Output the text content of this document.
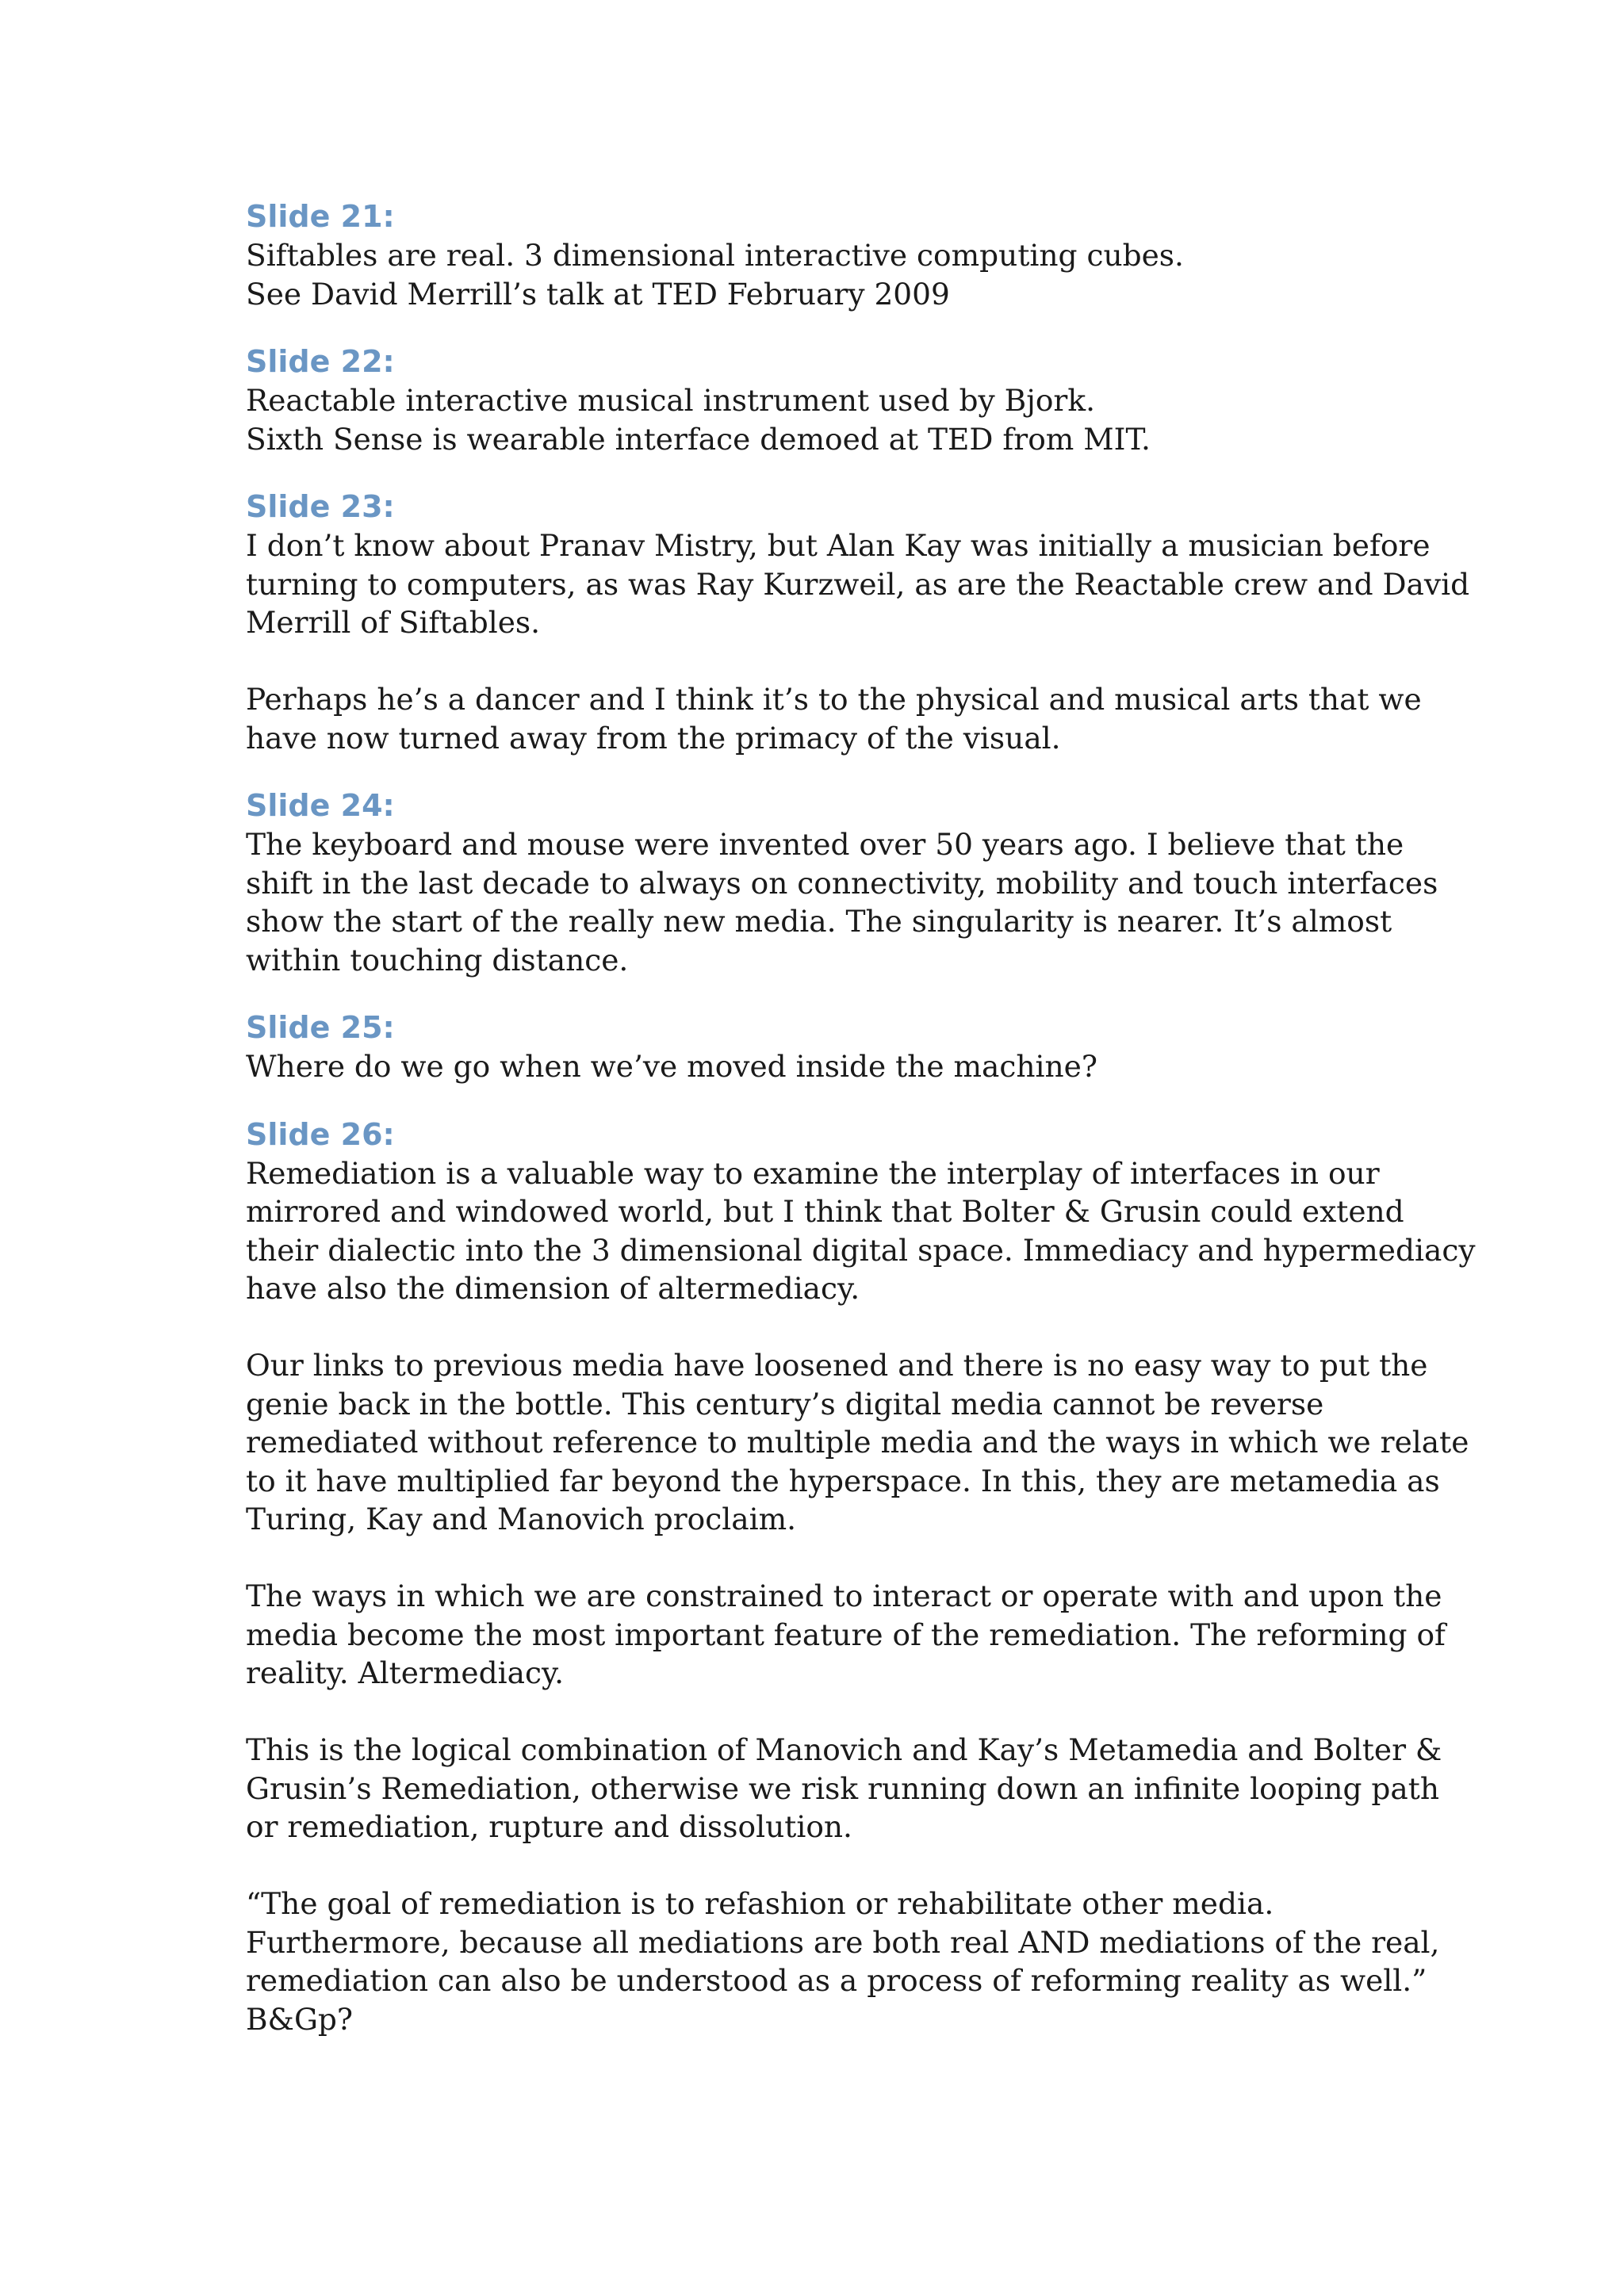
Slide 21:
Siftables are real. 3 dimensional interactive computing cubes.
See David Merrill’s talk at TED February 2009
Slide 22:
Reactable interactive musical instrument used by Bjork.
Sixth Sense is wearable interface demoed at TED from MIT.
Slide 23:
I don’t know about Pranav Mistry, but Alan Kay was initially a musician before
turning to computers, as was Ray Kurzweil, as are the Reactable crew and David
Merrill of Siftables.
Perhaps he’s a dancer and I think it’s to the physical and musical arts that we
have now turned away from the primacy of the visual.
Slide 24:
The keyboard and mouse were invented over 50 years ago. I believe that the
shift in the last decade to always on connectivity, mobility and touch interfaces
show the start of the really new media. The singularity is nearer. It’s almost
within touching distance.
Slide 25:
Where do we go when we’ve moved inside the machine?
Slide 26:
Remediation is a valuable way to examine the interplay of interfaces in our
mirrored and windowed world, but I think that Bolter & Grusin could extend
their dialectic into the 3 dimensional digital space. Immediacy and hypermediacy
have also the dimension of altermediacy.
Our links to previous media have loosened and there is no easy way to put the
genie back in the bottle. This century’s digital media cannot be reverse
remediated without reference to multiple media and the ways in which we relate
to it have multiplied far beyond the hyperspace. In this, they are metamedia as
Turing, Kay and Manovich proclaim.
The ways in which we are constrained to interact or operate with and upon the
media become the most important feature of the remediation. The reforming of
reality. Altermediacy.
This is the logical combination of Manovich and Kay’s Metamedia and Bolter &
Grusin’s Remediation, otherwise we risk running down an infinite looping path
or remediation, rupture and dissolution.
“The goal of remediation is to refashion or rehabilitate other media.
Furthermore, because all mediations are both real AND mediations of the real,
remediation can also be understood as a process of reforming reality as well.”
B&Gp?
